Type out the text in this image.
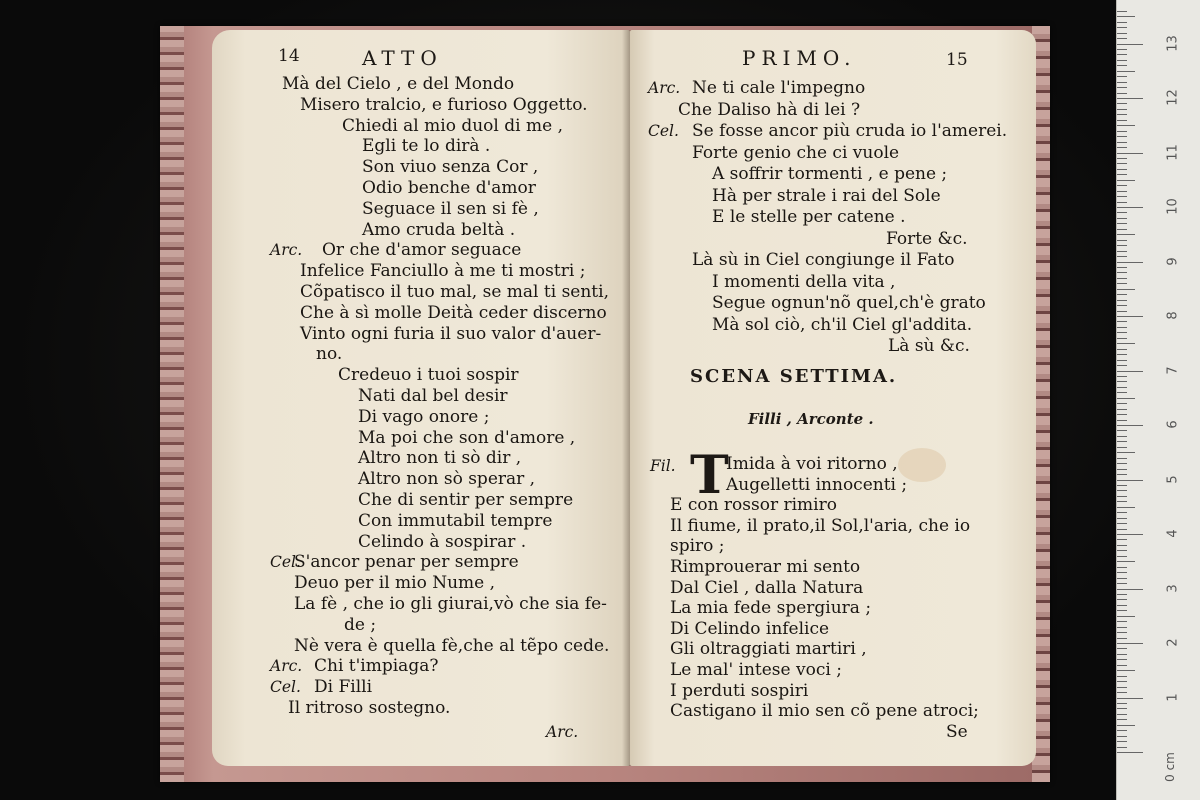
14	ATTO
Mà del Cielo , e del Mondo
Misero tralcio, e furioso Oggetto.
Chiedi al mio duol di me ,
Egli te lo dirà .
Son viuo senza Cor ,
Odio benche d'amor
Seguace il sen si fè ,
Amo cruda beltà .
Arc. Or che d'amor seguace
Infelice Fanciullo à me ti mostri ;
Cõpatisco il tuo mal, se mal ti senti,
Che à sì molle Deità ceder discerno
Vinto ogni furia il suo valor d'auer-
no.
Credeuo i tuoi sospir
Nati dal bel desir
Di vago onore ;
Ma poi che son d'amore ,
Altro non ti sò dir ,
Altro non sò sperar ,
Che di sentir per sempre
Con immutabil tempre
Celindo à sospirar .
Cel.
S'ancor penar per sempre
Deuo per il mio Nume ,
La fè , che io gli giurai,vò che sia fe-
de ;
Nè vera è quella fè,che al tẽpo cede.
Arc. Chi t'impiaga?
Cel. Di Filli
Il ritroso sostegno.
Arc.
PRIMO.	15
Arc. Ne ti cale l'impegno
Che Daliso hà di lei ?
Cel. Se fosse ancor più cruda io l'amerei.
Forte genio che ci vuole
A soffrir tormenti , e pene ;
Hà per strale i rai del Sole
E le stelle per catene .
Forte &c.
Là sù in Ciel congiunge il Fato
I momenti della vita ,
Segue ognun'nõ quel,ch'è grato
Mà sol ciò, ch'il Ciel gl'addita.
Là sù &c.
SCENA SETTIMA.
Filli , Arconte .
Fil. T
Imida à voi ritorno ,
Augelletti innocenti ;
E con rossor rimiro
Il fiume, il prato,il Sol,l'aria, che io
spiro ;
Rimprouerar mi sento
Dal Ciel , dalla Natura
La mia fede spergiura ;
Di Celindo infelice
Gli oltraggiati martiri ,
Le mal' intese voci ;
I perduti sospiri
Castigano il mio sen cõ pene atroci;
Se
1
2
3
4
5
6
7
8
9
10
11
12
13
0 cm
